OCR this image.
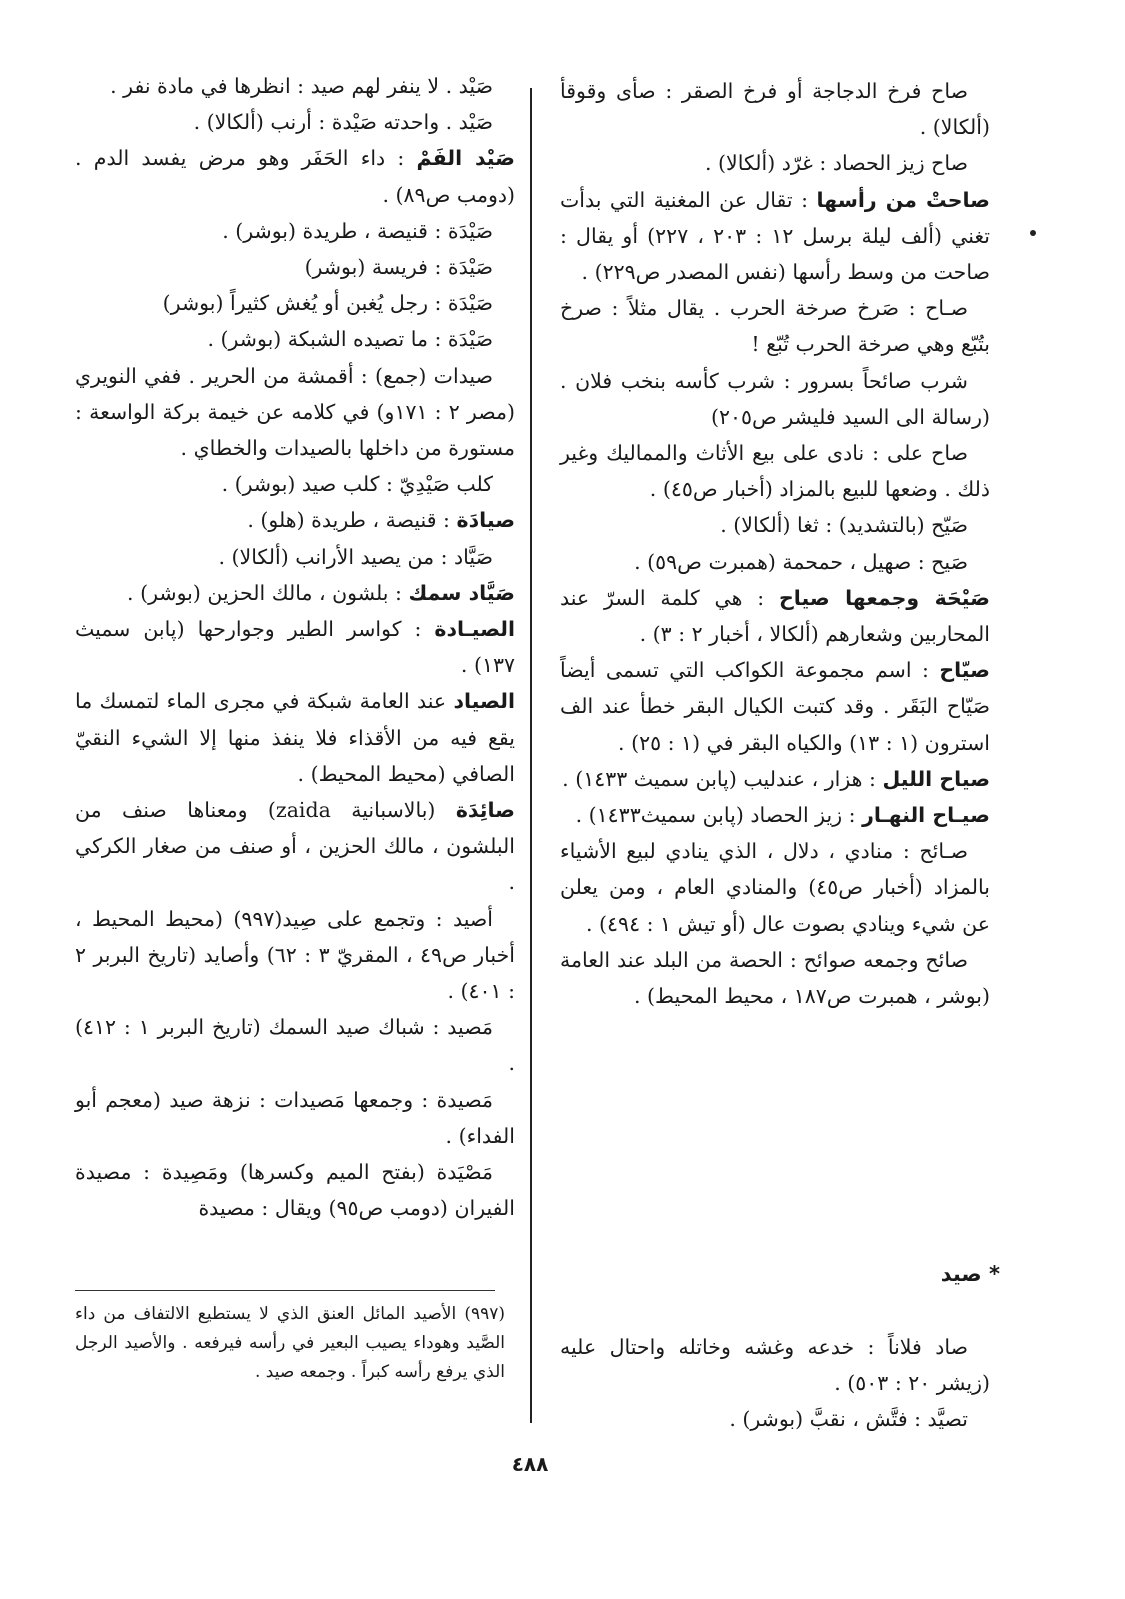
صاح فرخ الدجاجة أو فرخ الصقر : صأى وقوقأ (ألكالا) .

صاح زيز الحصاد : غرّد (ألكالا) .

صاحتْ من رأسها : تقال عن المغنية التي بدأت تغني (ألف ليلة برسل ١٢ : ٢٠٣ ، ٢٢٧) أو يقال : صاحت من وسط رأسها (نفس المصدر ص٢٢٩) .

صـاح : صَرخ صرخة الحرب . يقال مثلاً : صرخ بتُبّع وهي صرخة الحرب تُبّع !

شرب صائحاً بسرور : شرب كأسه بنخب فلان . (رسالة الى السيد فليشر ص٢٠٥)

صاح على : نادى على بيع الأثاث والمماليك وغير ذلك . وضعها للبيع بالمزاد (أخبار ص٤٥) .

صَيّح (بالتشديد) : ثغا (ألكالا) .

صَيح : صهيل ، حمحمة (همبرت ص٥٩) .

صَيْحَة وجمعها صياح : هي كلمة السرّ عند المحاربين وشعارهم (ألكالا ، أخبار ٢ : ٣) .

صيّاح : اسم مجموعة الكواكب التي تسمى أيضاً صَيّاح البَقَر . وقد كتبت الكيال البقر خطأ عند الف استرون (١ : ١٣) والكياه البقر في (١ : ٢٥) .

صياح الليل : هزار ، عندليب (پابن سميث ١٤٣٣) .

صيـاح النهـار : زيز الحصاد (پابن سميث١٤٣٣) .

صـائح : منادي ، دلال ، الذي ينادي لبيع الأشياء بالمزاد (أخبار ص٤٥) والمنادي العام ، ومن يعلن عن شيء وينادي بصوت عال (أو تيش ١ : ٤٩٤) .

صائح وجمعه صوائح : الحصة من البلد عند العامة (بوشر ، همبرت ص١٨٧ ، محيط المحيط) .

صَيْد . لا ينفر لهم صيد : انظرها في مادة نفر .

صَيْد . واحدته صَيْدة : أرنب (ألكالا) .

صَيْد الفَمْ : داء الحَفَر وهو مرض يفسد الدم . (دومب ص٨٩) .

صَيْدَة : قنيصة ، طريدة (بوشر) .

صَيْدَة : فريسة (بوشر)

صَيْدَة : رجل يُغبن أو يُغش كثيراً (بوشر)

صَيْدَة : ما تصيده الشبكة (بوشر) .

صيدات (جمع) : أقمشة من الحرير . ففي النويري (مصر ٢ : ١٧١و) في كلامه عن خيمة بركة الواسعة : مستورة من داخلها بالصيدات والخطاي .

كلب صَيْدِيّ : كلب صيد (بوشر) .

صيادَة : قنيصة ، طريدة (هلو) .

صَيَّاد : من يصيد الأرانب (ألكالا) .

صَيَّاد سمك : بلشون ، مالك الحزين (بوشر) .

الصيـادة : كواسر الطير وجوارحها (پابن سميث ١٣٧) .

الصياد عند العامة شبكة في مجرى الماء لتمسك ما يقع فيه من الأقذاء فلا ينفذ منها إلا الشيء النقيّ الصافي (محيط المحيط) .

صائِدَة (بالاسبانية zaida) ومعناها صنف من البلشون ، مالك الحزين ، أو صنف من صغار الكركي .

أصيد : وتجمع على صِيد(٩٩٧) (محيط المحيط ، أخبار ص٤٩ ، المقريّ ٣ : ٦٢) وأصايد (تاريخ البربر ٢ : ٤٠١) .

مَصيد : شباك صيد السمك (تاريخ البربر ١ : ٤١٢) .

مَصيدة : وجمعها مَصيدات : نزهة صيد (معجم أبو الفداء) .

مَصْيَدة (بفتح الميم وكسرها) ومَصِيدة : مصيدة الفيران (دومب ص٩٥) ويقال : مصيدة

* صيد

صاد فلاناً : خدعه وغشه وخاتله واحتال عليه (زيشر ٢٠ : ٥٠٣) .

تصيَّد : فتَّش ، نقبَّ (بوشر) .

(٩٩٧) الأصيد المائل العنق الذي لا يستطيع الالتفاف من داء الصَّيد وهوداء يصيب البعير في رأسه فيرفعه . والأصيد الرجل الذي يرفع رأسه كبراً . وجمعه صيد .
٤٨٨
